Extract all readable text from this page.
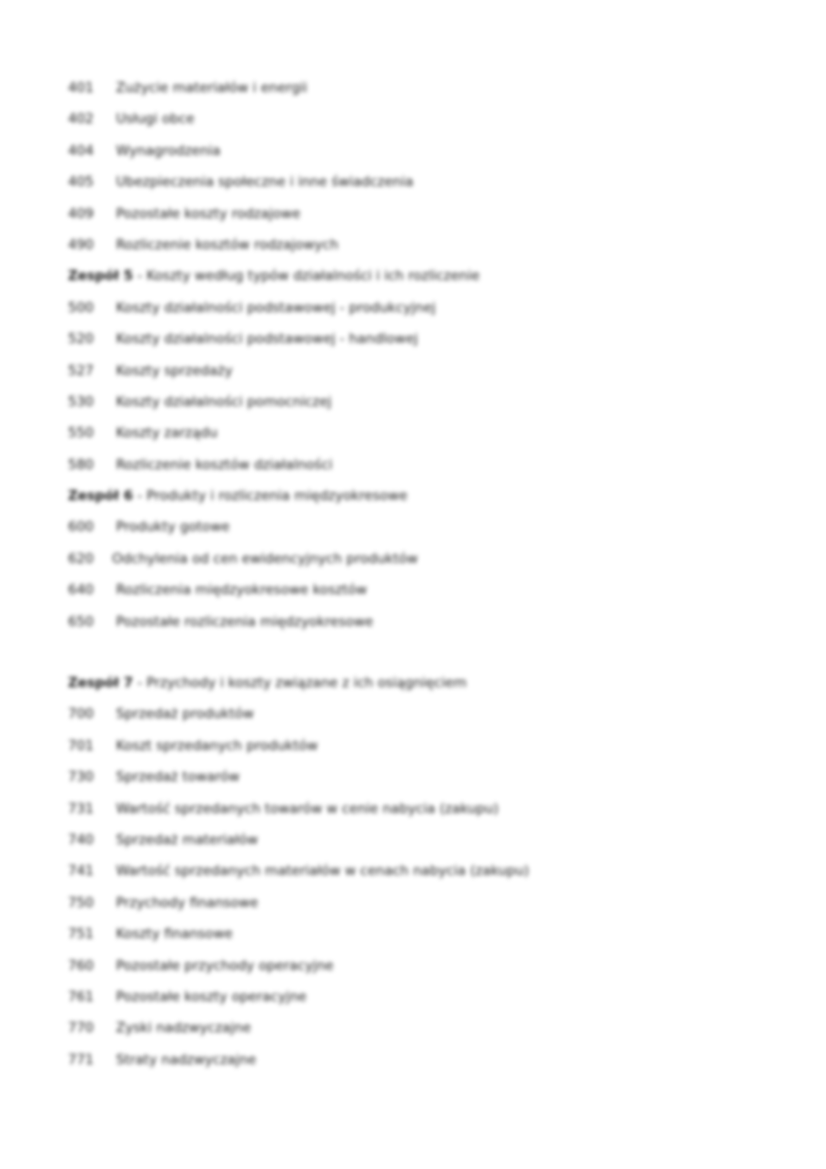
401 Zużycie materiałów i energii
402 Usługi obce
404 Wynagrodzenia
405 Ubezpieczenia społeczne i inne świadczenia
409 Pozostałe koszty rodzajowe
490 Rozliczenie kosztów rodzajowych
Zespół 5 - Koszty według typów działalności i ich rozliczenie
500 Koszty działalności podstawowej - produkcyjnej
520 Koszty działalności podstawowej - handlowej
527 Koszty sprzedaży
530 Koszty działalności pomocniczej
550 Koszty zarządu
580 Rozliczenie kosztów działalności
Zespół 6 - Produkty i rozliczenia międzyokresowe
600 Produkty gotowe
620 Odchylenia od cen ewidencyjnych produktów
640 Rozliczenia międzyokresowe kosztów
650 Pozostałe rozliczenia międzyokresowe
Zespół 7 - Przychody i koszty związane z ich osiągnięciem
700 Sprzedaż produktów
701 Koszt sprzedanych produktów
730 Sprzedaż towarów
731 Wartość sprzedanych towarów w cenie nabycia (zakupu)
740 Sprzedaż materiałów
741 Wartość sprzedanych materiałów w cenach nabycia (zakupu)
750 Przychody finansowe
751 Koszty finansowe
760 Pozostałe przychody operacyjne
761 Pozostałe koszty operacyjne
770 Zyski nadzwyczajne
771 Straty nadzwyczajne
